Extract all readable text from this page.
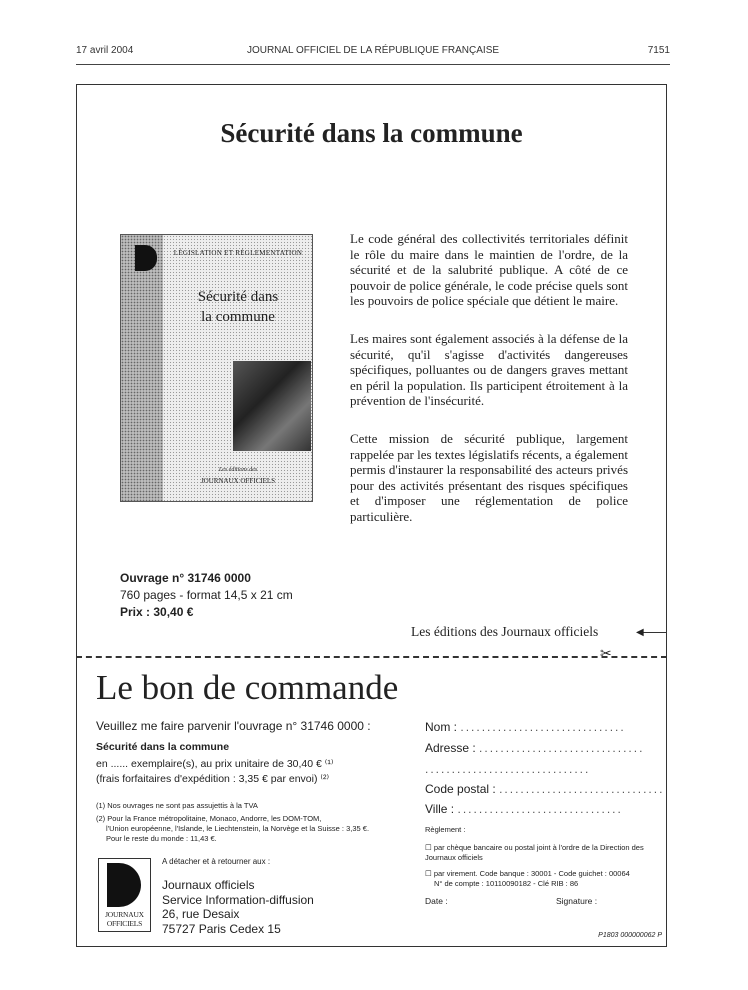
17 avril 2004	JOURNAL OFFICIEL DE LA RÉPUBLIQUE FRANÇAISE	7151
Sécurité dans la commune
LÉGISLATION ET RÉGLEMENTATION
Sécurité dans
la commune
Les éditions des
JOURNAUX OFFICIELS
Le code général des collectivités territoriales définit le rôle du maire dans le maintien de l'ordre, de la sécurité et de la salubrité publique. A côté de ce pouvoir de police générale, le code précise quels sont les pouvoirs de police spéciale que détient le maire.
Les maires sont également associés à la défense de la sécurité, qu'il s'agisse d'activités dangereuses spécifiques, polluantes ou de dangers graves mettant en péril la population. Ils participent étroitement à la prévention de l'insécurité.
Cette mission de sécurité publique, largement rappelée par les textes législatifs récents, a également permis d'instaurer la responsabilité des acteurs privés pour des activités présentant des risques spécifiques et d'imposer une réglementation de police particulière.
Ouvrage n° 31746 0000
760 pages - format 14,5 x 21 cm
Prix : 30,40 €
Les éditions des Journaux officiels	◀
✂
Le bon de commande
Veuillez me faire parvenir l'ouvrage n° 31746 0000 :
Sécurité dans la commune
en ...... exemplaire(s), au prix unitaire de 30,40 € ⁽¹⁾
(frais forfaitaires d'expédition : 3,35 € par envoi) ⁽²⁾
(1) Nos ouvrages ne sont pas assujettis à la TVA
(2) Pour la France métropolitaine, Monaco, Andorre, les DOM-TOM,
l'Union européenne, l'Islande, le Liechtenstein, la Norvège et la Suisse : 3,35 €.
Pour le reste du monde : 11,43 €.
JOURNAUX
OFFICIELS
A détacher et à retourner aux :
Journaux officiels
Service Information-diffusion
26, rue Desaix
75727 Paris Cedex 15
Nom : ...............................
Adresse : ...............................
...............................
Code postal : ...............................
Ville : ...............................
Règlement :
☐ par chèque bancaire ou postal joint à l'ordre de la Direction des Journaux officiels
☐ par virement. Code banque : 30001 - Code guichet : 00064
N° de compte : 10110090182 - Clé RIB : 86
Date :	Signature :
P1803 000000062 P
